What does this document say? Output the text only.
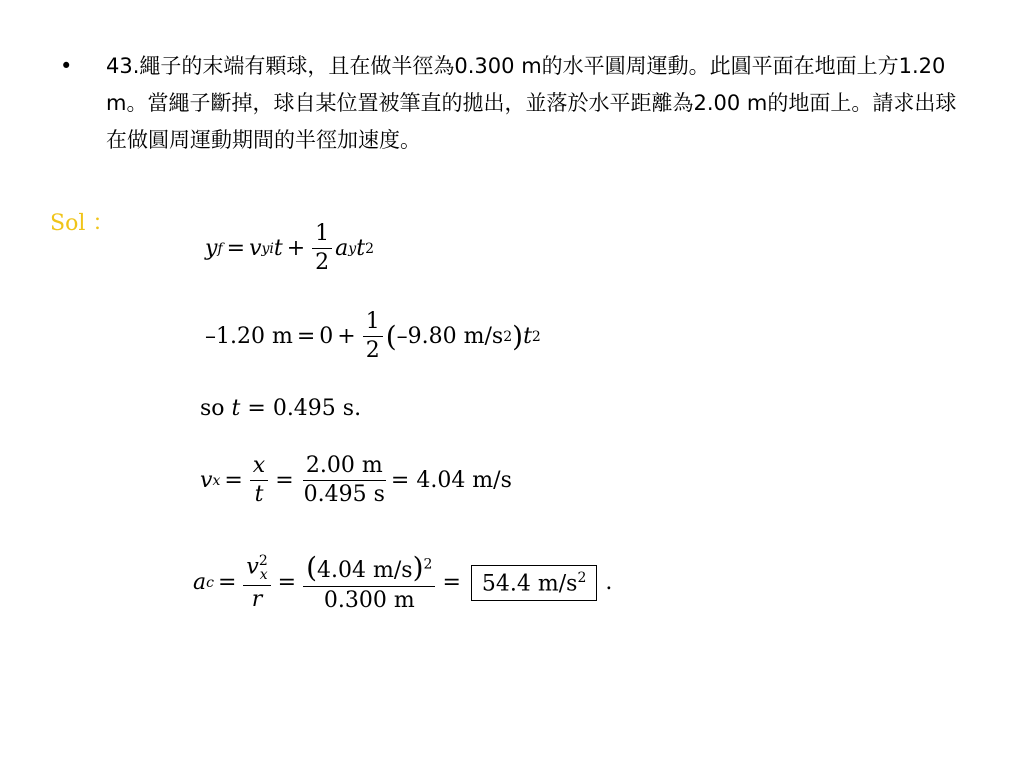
• 43.繩子的末端有顆球，且在做半徑為0.300 m的水平圓周運動。此圓平面在地面上方1.20 m。當繩子斷掉，球自某位置被筆直的拋出，並落於水平距離為2.00 m的地面上。請求出球在做圓周運動期間的半徑加速度。
Sol ：
y f = v yi $t + \frac{1}{2}$ a y t 2
–1.20 $m = 0 + \frac{1}{2}$ ( –9.80 m/s 2 ) t 2
so
t
= 0.495 s.
v $x = \frac{x}{t} = \frac{2.00 m}{0.495 s} = 4.04$ m/s
a $c = \frac{v^2_x}{r} = \frac{(4.04 m/s)^2}{0.300 m} = 54.4$ $m/s^2$ .
